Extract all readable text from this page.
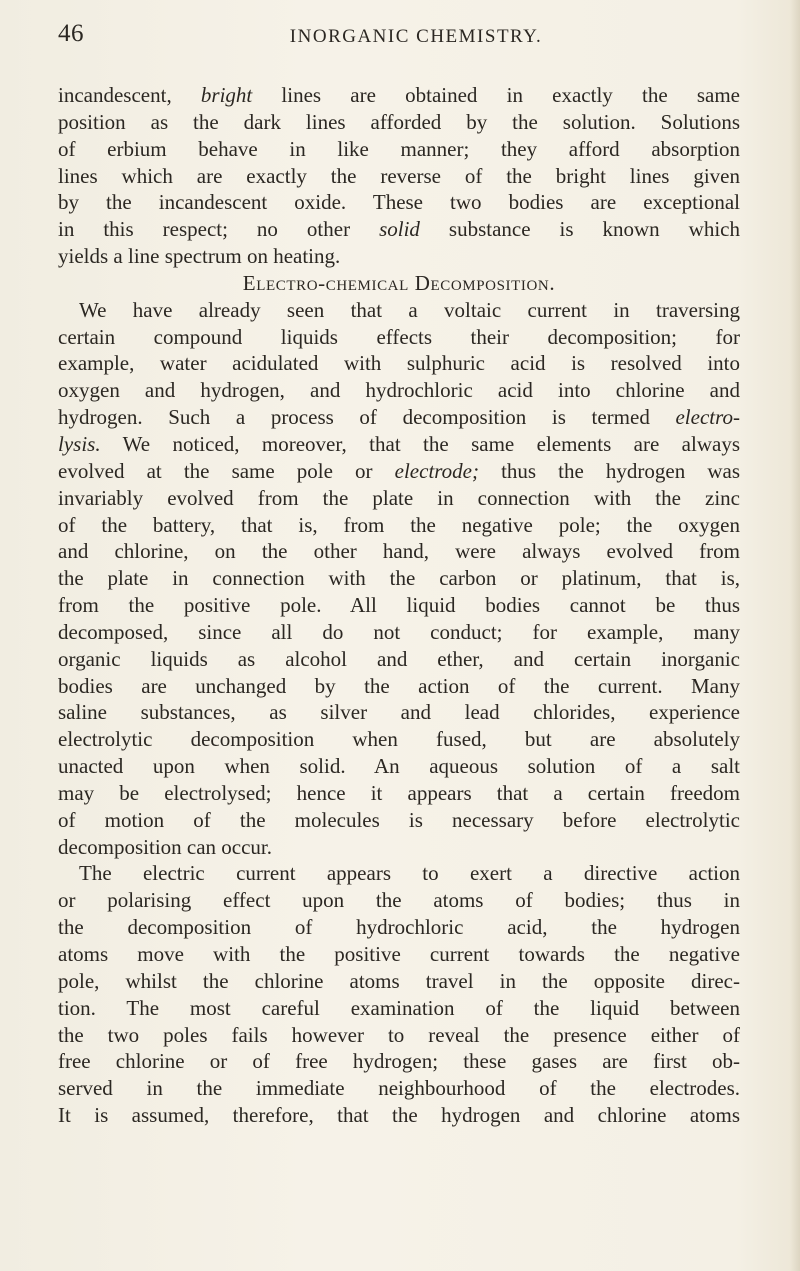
46	INORGANIC CHEMISTRY.
incandescent, bright lines are obtained in exactly the same
position as the dark lines afforded by the solution. Solutions
of erbium behave in like manner; they afford absorption
lines which are exactly the reverse of the bright lines given
by the incandescent oxide. These two bodies are exceptional
in this respect; no other solid substance is known which
yields a line spectrum on heating.
Electro-chemical Decomposition.
We have already seen that a voltaic current in traversing
certain compound liquids effects their decomposition; for
example, water acidulated with sulphuric acid is resolved into
oxygen and hydrogen, and hydrochloric acid into chlorine and
hydrogen. Such a process of decomposition is termed electro-
lysis. We noticed, moreover, that the same elements are always
evolved at the same pole or electrode; thus the hydrogen was
invariably evolved from the plate in connection with the zinc
of the battery, that is, from the negative pole; the oxygen
and chlorine, on the other hand, were always evolved from
the plate in connection with the carbon or platinum, that is,
from the positive pole. All liquid bodies cannot be thus
decomposed, since all do not conduct; for example, many
organic liquids as alcohol and ether, and certain inorganic
bodies are unchanged by the action of the current. Many
saline substances, as silver and lead chlorides, experience
electrolytic decomposition when fused, but are absolutely
unacted upon when solid. An aqueous solution of a salt
may be electrolysed; hence it appears that a certain freedom
of motion of the molecules is necessary before electrolytic
decomposition can occur.
The electric current appears to exert a directive action
or polarising effect upon the atoms of bodies; thus in
the decomposition of hydrochloric acid, the hydrogen
atoms move with the positive current towards the negative
pole, whilst the chlorine atoms travel in the opposite direc-
tion. The most careful examination of the liquid between
the two poles fails however to reveal the presence either of
free chlorine or of free hydrogen; these gases are first ob-
served in the immediate neighbourhood of the electrodes.
It is assumed, therefore, that the hydrogen and chlorine atoms
